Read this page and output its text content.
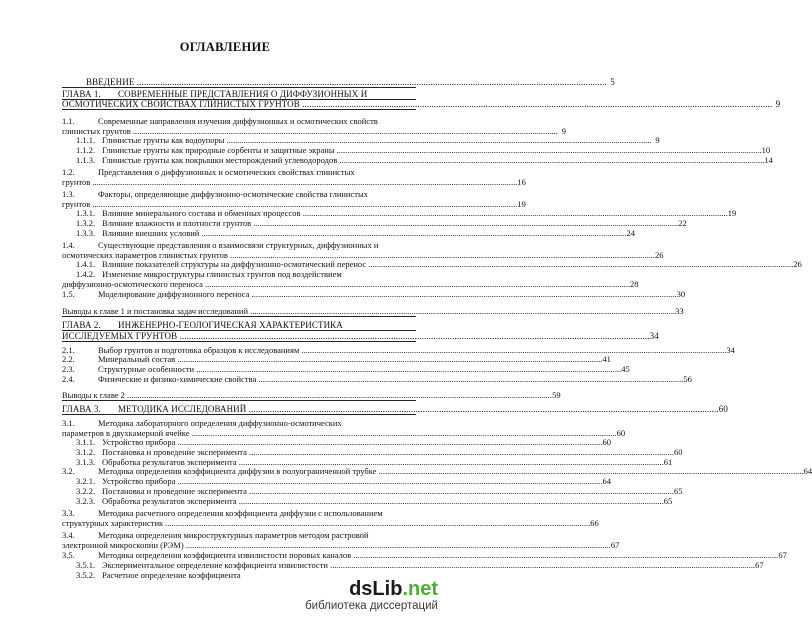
ОГЛАВЛЕНИЕ
ВВЕДЕНИЕ ........................................................................................................................................................................................................ 5
ГЛАВА 1.	СОВРЕМЕННЫЕ ПРЕДСТАВЛЕНИЯ О ДИФФУЗИОННЫХ И
ОСМОТИЧЕСКИХ СВОЙСТВАХ ГЛИНИСТЫХ ГРУНТОВ ........................................................................................................................................................................................................ 9
1.1.	Современные направления изучения диффузионных и осмотических свойств
глинистых грунтов ........................................................................................................................................................................................................ 9
1.1.1. Глинистые грунты как водоупоры ........................................................................................................................................................................................................ 9
1.1.2. Глинистые грунты как природные сорбенты и защитные экраны ........................................................................................................................................................................................................ 10
1.1.3. Глинистые грунты как покрышки месторождений углеводородов ........................................................................................................................................................................................................ 14
1.2.	Представления о диффузионных и осмотических свойствах глинистых
грунтов ........................................................................................................................................................................................................ 16
1.3.	Факторы, определяющие диффузионно-осмотические свойства глинистых
грунтов ........................................................................................................................................................................................................ 19
1.3.1. Влияние минерального состава и обменных процессов ........................................................................................................................................................................................................ 19
1.3.2. Влияние влажности и плотности грунтов ........................................................................................................................................................................................................ 22
1.3.3. Влияние внешних условий ........................................................................................................................................................................................................ 24
1.4.	Существующие представления о взаимосвязи структурных, диффузионных и
осмотических параметров глинистых грунтов ........................................................................................................................................................................................................ 26
1.4.1. Влияние показателей структуры на диффузионно-осмотический перенос ........................................................................................................................................................................................................ 26
1.4.2. Изменение микроструктуры глинистых грунтов под воздействием
диффузионно-осмотического переноса ........................................................................................................................................................................................................ 28
1.5.	Моделирование диффузионного переноса ........................................................................................................................................................................................................ 30
Выводы к главе 1 и постановка задач исследований ........................................................................................................................................................................................................ 33
ГЛАВА 2.	ИНЖЕНЕРНО-ГЕОЛОГИЧЕСКАЯ ХАРАКТЕРИСТИКА
ИССЛЕДУЕМЫХ ГРУНТОВ ........................................................................................................................................................................................................ 34
2.1.	Выбор грунтов и подготовка образцов к исследованиям ........................................................................................................................................................................................................ 34
2.2.	Минеральный состав ........................................................................................................................................................................................................ 41
2.3.	Структурные особенности ........................................................................................................................................................................................................ 45
2.4.	Физические и физико-химические свойства ........................................................................................................................................................................................................ 56
Выводы к главе 2 ........................................................................................................................................................................................................ 59
ГЛАВА 3.	МЕТОДИКА ИССЛЕДОВАНИЙ ........................................................................................................................................................................................................ 60
3.1.	Методика лабораторного определения диффузионно-осмотических
параметров в двухкамерной ячейке ........................................................................................................................................................................................................ 60
3.1.1. Устройство прибора ........................................................................................................................................................................................................ 60
3.1.2. Постановка и проведение эксперимента ........................................................................................................................................................................................................ 60
3.1.3. Обработка результатов эксперимента ........................................................................................................................................................................................................ 61
3.2.	Методика определения коэффициента диффузии в полуограниченной трубке ........................................................................................................................................................................................................ 64
3.2.1. Устройство прибора ........................................................................................................................................................................................................ 64
3.2.2. Постановка и проведение эксперимента ........................................................................................................................................................................................................ 65
3.2.3. Обработка результатов эксперимента ........................................................................................................................................................................................................ 65
3.3.	Методика расчетного определения коэффициента диффузии с использованием
структурных характеристик ........................................................................................................................................................................................................ 66
3.4.	Методика определения микроструктурных параметров методом растровой
электронной микроскопии (РЭМ) ........................................................................................................................................................................................................ 67
3.5.	Методика определения коэффициента извилистости поровых каналов ........................................................................................................................................................................................................ 67
3.5.1. Экспериментальное определение коэффициента извилистости ........................................................................................................................................................................................................ 67
3.5.2. Расчетное определение коэффициента
dsLib.net
библиотека диссертаций
